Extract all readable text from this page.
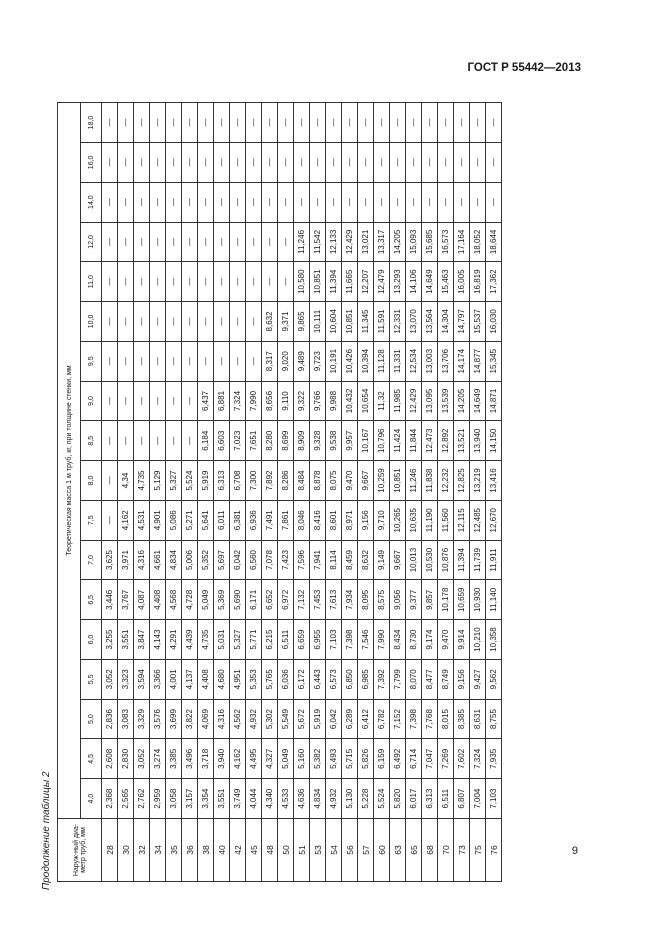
ГОСТ Р 55442—2013
Продолжение таблицы 2	Наруж-ный диа-метр труб, мм	Теоретическая масса 1 м труб, кг, при толщине стенки, мм																	
	4,0	4,5	5,0	5,5	6,0	6,5	7,0	7,5	8,0	8,5	9,0	9,5	10,0	11,0	12,0	14,0	16,0	18,0
28	2,368	2,608	2,836	3,052	3,255	3,446	3,625	—	—	—	—	—	—	—	—	—	—	—
30	2,565	2,830	3,083	3,323	3,551	3,767	3,971	4,162	4,34	—	—	—	—	—	—	—	—	—
32	2,762	3,052	3,329	3,594	3,847	4,087	4,316	4,531	4,735	—	—	—	—	—	—	—	—	—
34	2,959	3,274	3,576	3,366	4,143	4,408	4,661	4,901	5,129	—	—	—	—	—	—	—	—	—
35	3,058	3,385	3,699	4,001	4,291	4,568	4,834	5,086	5,327	—	—	—	—	—	—	—	—	—
36	3,157	3,496	3,822	4,137	4,439	4,728	5,006	5,271	5,524	—	—	—	—	—	—	—	—	—
38	3,354	3,718	4,069	4,408	4,735	5,049	5,352	5,641	5,919	6,184	6,437	—	—	—	—	—	—	—
40	3,551	3,940	4,316	4,680	5,031	5,369	5,697	6,011	6,313	6,603	6,881	—	—	—	—	—	—	—
42	3,749	4,162	4,562	4,951	5,327	5,690	6,042	6,381	6,708	7,023	7,324	—	—	—	—	—	—	—
45	4,044	4,495	4,932	5,353	5,771	6,171	6,560	6,936	7,300	7,651	7,990	—	—	—	—	—	—	—
48	4,340	4,327	5,302	5,765	6,215	6,652	7,078	7,491	7,892	8,280	8,656	8,317	8,632	—	—	—	—	—
50	4,533	5,049	5,549	6,036	6,511	6,972	7,423	7,861	8,286	8,699	9,110	9,020	9,371	—	—	—	—	—
51	4,636	5,160	5,672	6,172	6,659	7,132	7,596	8,046	8,484	8,909	9,322	9,489	9,865	10,580	11,246	—	—	—
53	4,834	5,382	5,919	6,443	6,955	7,453	7,941	8,416	8,878	9,328	9,766	9,723	10,111	10,851	11,542	—	—	—
54	4,932	5,493	6,042	6,573	7,103	7,613	8,114	8,601	8,075	9,538	9,988	10,191	10,604	11,394	12,133	—	—	—
56	5,130	5,715	6,289	6,850	7,398	7,934	8,459	8,971	9,470	9,957	10,432	10,426	10,851	11,665	12,429	—	—	—
57	5,228	5,826	6,412	6,985	7,546	8,095	8,632	9,156	9,667	10,167	10,654	10,394	11,345	12,207	13,021	—	—	—
60	5,524	6,159	6,782	7,392	7,990	8,575	9,149	9,710	10,259	10,796	11,32	11,128	11,591	12,479	13,317	—	—	—
63	5,820	6,492	7,152	7,799	8,434	9,056	9,667	10,265	10,851	11,424	11,985	11,331	12,331	13,293	14,205	—	—	—
65	6,017	6,714	7,398	8,070	8,730	9,377	10,013	10,635	11,246	11,844	12,429	12,534	13,070	14,106	15,093	—	—	—
68	6,313	7,047	7,768	8,477	9,174	9,857	10,530	11,190	11,838	12,473	13,095	13,003	13,564	14,649	15,685	—	—	—
70	6,511	7,269	8,015	8,749	9,470	10,178	10,876	11,560	12,232	12,892	13,539	13,706	14,304	15,463	16,573	—	—	—
73	6,807	7,602	8,385	9,156	9,914	10,659	11,394	12,115	12,825	13,521	14,205	14,174	14,797	16,005	17,164	—	—	—
75	7,004	7,324	8,631	9,427	10,210	10,930	11,739	12,485	13,219	13,940	14,649	14,877	15,537	16,819	18,052	—	—	—
76	7,103	7,935	8,755	9,562	10,358	11,140	11,911	12,670	13,416	14,150	14,871	15,345	16,030	17,362	18,644	—	—	—
9
